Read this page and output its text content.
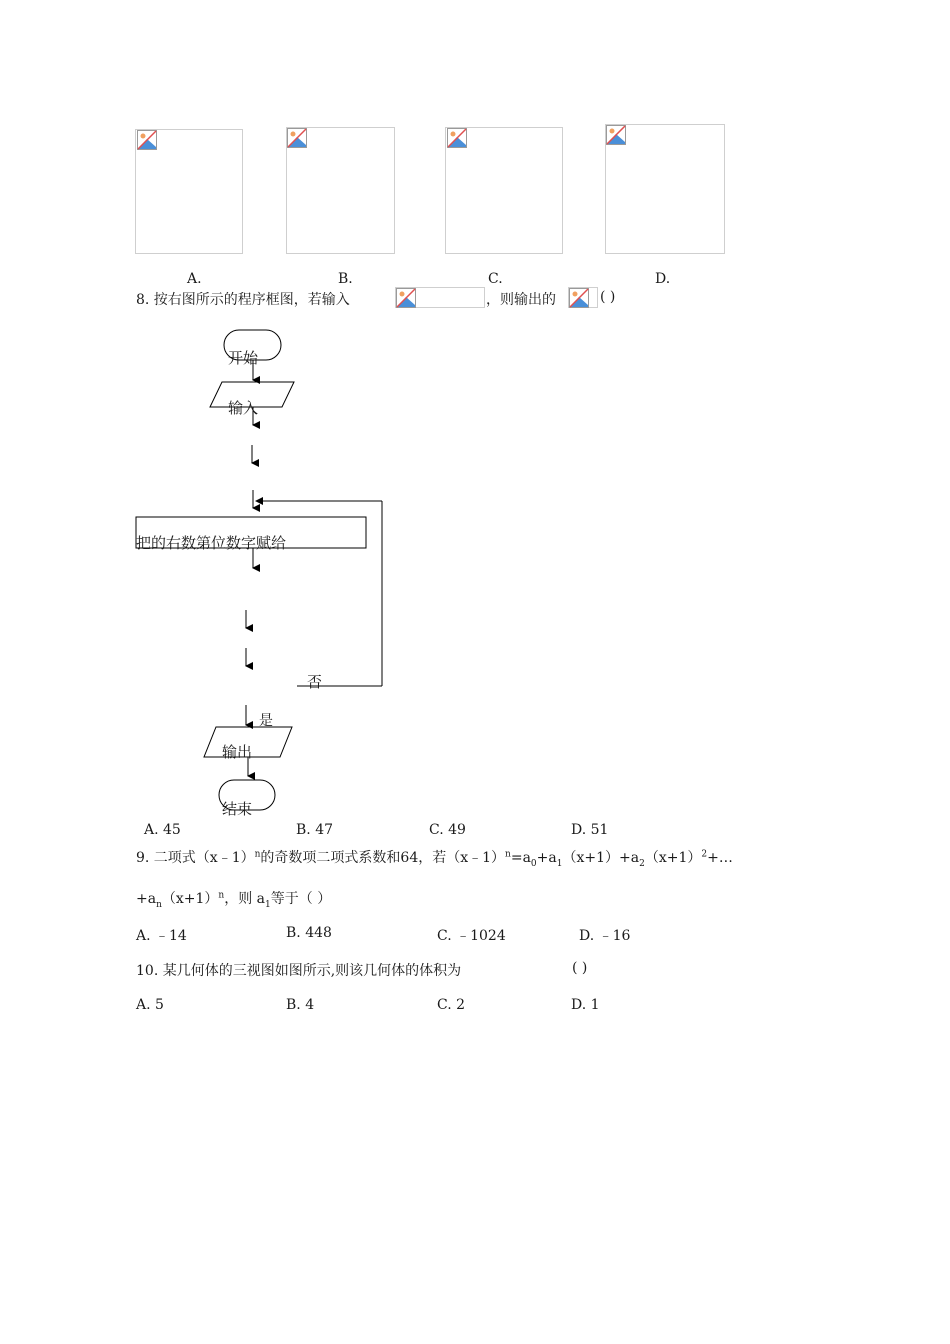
A.	B.	C.	D.
8. 按右图所示的程序框图，若输入	，则输出的	( )
开始
输入
把的右数第位数字赋给
否
是
输出
结束
A. 45	B. 47	C. 49	D. 51
9. 二项式（x﹣1）$^n$的奇数项二项式系数和64，若$(x﹣1)^n=a_0+a_1(x+1)+a_2(x+1)^2+\dots$
$+a_n(x+1)^n$，则 $a_1$等于（ ）
A. ﹣14	B. 448	C. ﹣1024	D. ﹣16
10. 某几何体的三视图如图所示,则该几何体的体积为	( )
A. 5	B. 4	C. 2	D. 1
